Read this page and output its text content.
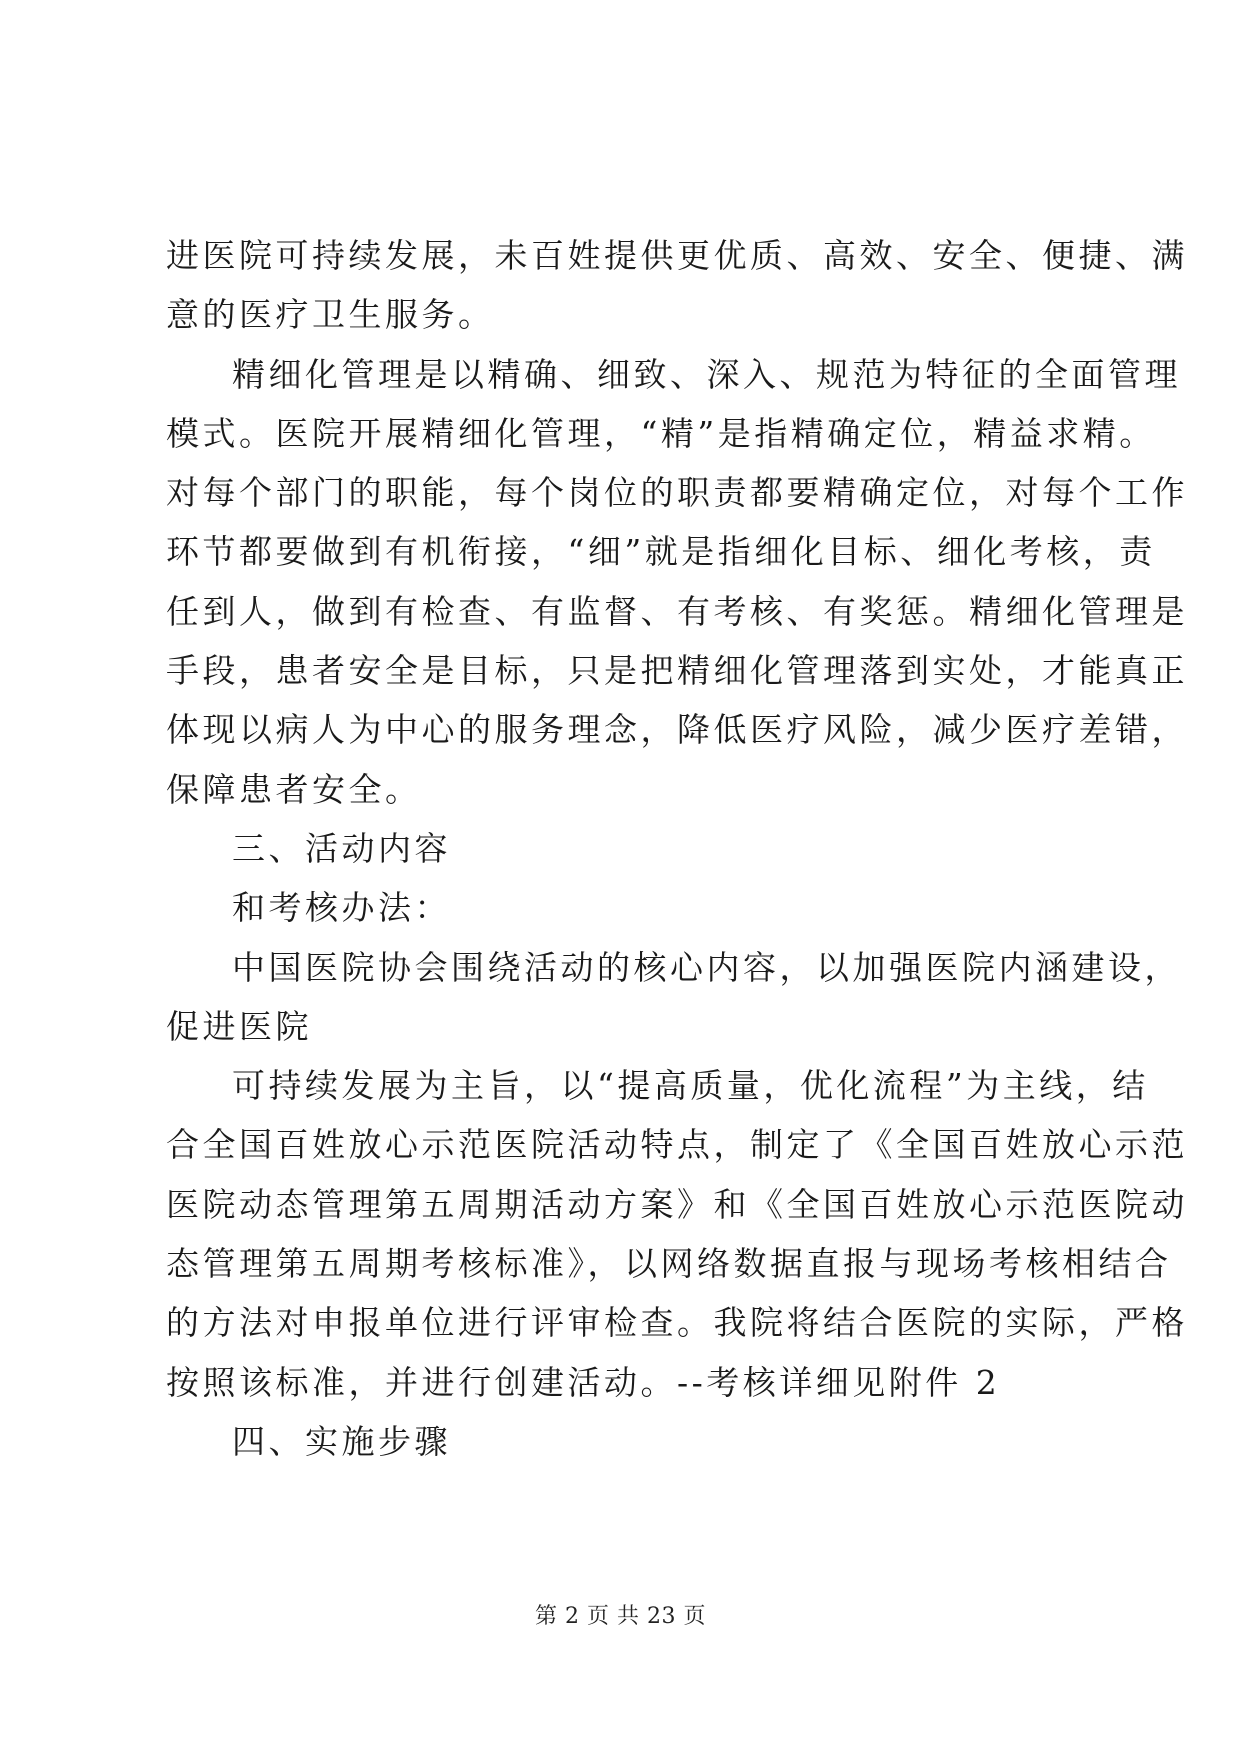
进医院可持续发展，未百姓提供更优质、高效、安全、便捷、满
意的医疗卫生服务。

精细化管理是以精确、细致、深入、规范为特征的全面管理
模式。医院开展精细化管理，“精”是指精确定位，精益求精。
对每个部门的职能，每个岗位的职责都要精确定位，对每个工作
环节都要做到有机衔接，“细”就是指细化目标、细化考核，责
任到人，做到有检查、有监督、有考核、有奖惩。精细化管理是
手段，患者安全是目标，只是把精细化管理落到实处，才能真正
体现以病人为中心的服务理念，降低医疗风险，减少医疗差错，
保障患者安全。

三、活动内容

和考核办法：

中国医院协会围绕活动的核心内容，以加强医院内涵建设，
促进医院

可持续发展为主旨，以“提高质量，优化流程”为主线，结
合全国百姓放心示范医院活动特点，制定了《全国百姓放心示范
医院动态管理第五周期活动方案》和《全国百姓放心示范医院动
态管理第五周期考核标准》，以网络数据直报与现场考核相结合
的方法对申报单位进行评审检查。我院将结合医院的实际，严格
按照该标准，并进行创建活动。--考核详细见附件 2

四、实施步骤

第 2 页 共 23 页
